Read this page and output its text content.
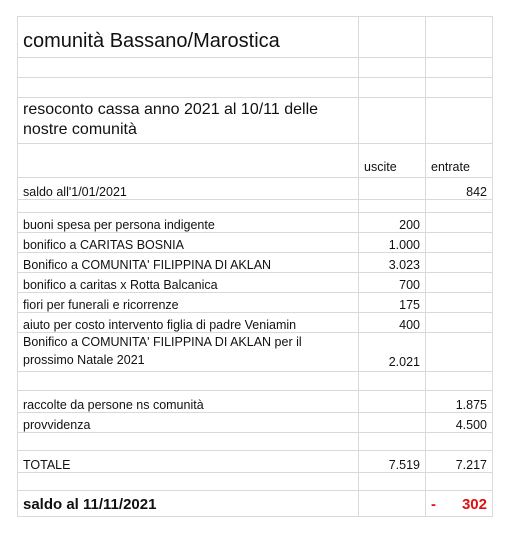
comunità Bassano/Marostica		

resoconto cassa anno 2021 al 10/11 delle nostre comunità		
	uscite	entrate
saldo all'1/01/2021		842

buoni spesa per persona indigente	200	
bonifico a CARITAS BOSNIA	1.000	
Bonifico a COMUNITA' FILIPPINA DI AKLAN	3.023	
bonifico a caritas x Rotta Balcanica	700	
fiori per funerali e ricorrenze	175	
aiuto per costo intervento figlia di padre Veniamin	400	
Bonifico a COMUNITA' FILIPPINA DI AKLAN per il prossimo Natale 2021	2.021	

raccolte da persone ns comunità		1.875
provvidenza		4.500

TOTALE	7.519	7.217

saldo al 11/11/2021		- 302
